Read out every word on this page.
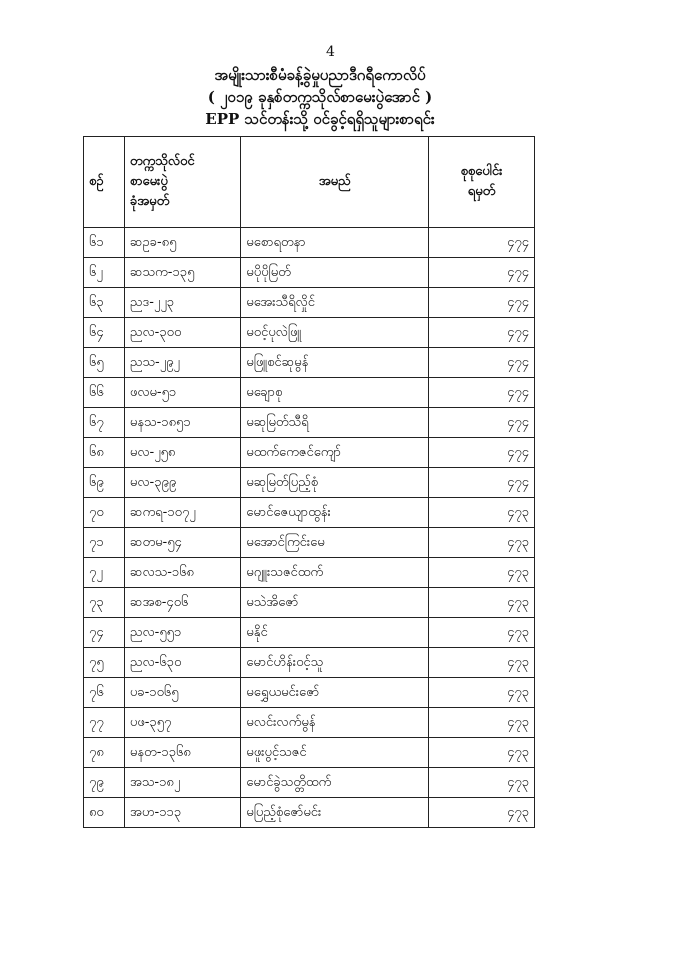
4
အမျိုးသားစီမံခန့်ခွဲမှုပညာဒီဂရီကောလိပ်
( ၂၀၁၉ ခုနှစ်တက္ကသိုလ်စာမေးပွဲအောင် )
EPP သင်တန်းသို့ ဝင်ခွင့်ရရှိသူများစာရင်း
စဉ်	တက္ကသိုလ်ဝင်
စာမေးပွဲ
ခုံအမှတ်	အမည်	စုစုပေါင်း
ရမှတ်

၆၁	ဆဥခ-၈၅	မစောရတနာ	၄၇၄
၆၂	ဆသက-၁၃၅	မပိုပိုမြတ်	၄၇၄
၆၃	ညဒ-၂၂၃	မအေးသီရိလှိုင်	၄၇၄
၆၄	ညလ-၃၀၀	မဝင့်ပုလဲဖြူ	၄၇၄
၆၅	ညသ-၂၉၂	မဖြူစင်ဆုမွန်	၄၇၄
၆၆	ဖလမ-၅၁	မချောစု	၄၇၄
၆၇	မနသ-၁၈၅၁	မဆုမြတ်သီရိ	၄၇၄
၆၈	မလ-၂၅၈	မထက်ကေဇင်ကျော်	၄၇၄
၆၉	မလ-၃၉၉	မဆုမြတ်ပြည့်စုံ	၄၇၄
၇၀	ဆကရ-၁၀၇၂	မောင်ဇေယျာထွန်း	၄၇၃
၇၁	ဆတမ-၅၄	မအောင်ကြင်းမေ	၄၇၃
၇၂	ဆလသ-၁၆၈	မဂျူးသဇင်ထက်	၄၇၃
၇၃	ဆအစ-၄၀၆	မသဲအိဇော်	၄၇၃
၇၄	ညလ-၅၅၁	မနိုင်	၄၇၃
၇၅	ညလ-၆၃၀	မောင်ဟိန်းဝင့်သူ	၄၇၃
၇၆	ပခ-၁၀၆၅	မရွှေယမင်းဇော်	၄၇၃
၇၇	ပဖ-၃၅၇	မလင်းလက်မွန်	၄၇၃
၇၈	မနတ-၁၃၆၈	မဖူးပွင့်သဇင်	၄၇၃
၇၉	အသ-၁၈၂	မောင်ခွဲသတ္တိထက်	၄၇၃
၈၀	အဟ-၁၁၃	မပြည့်စုံဇော်မင်း	၄၇၃
